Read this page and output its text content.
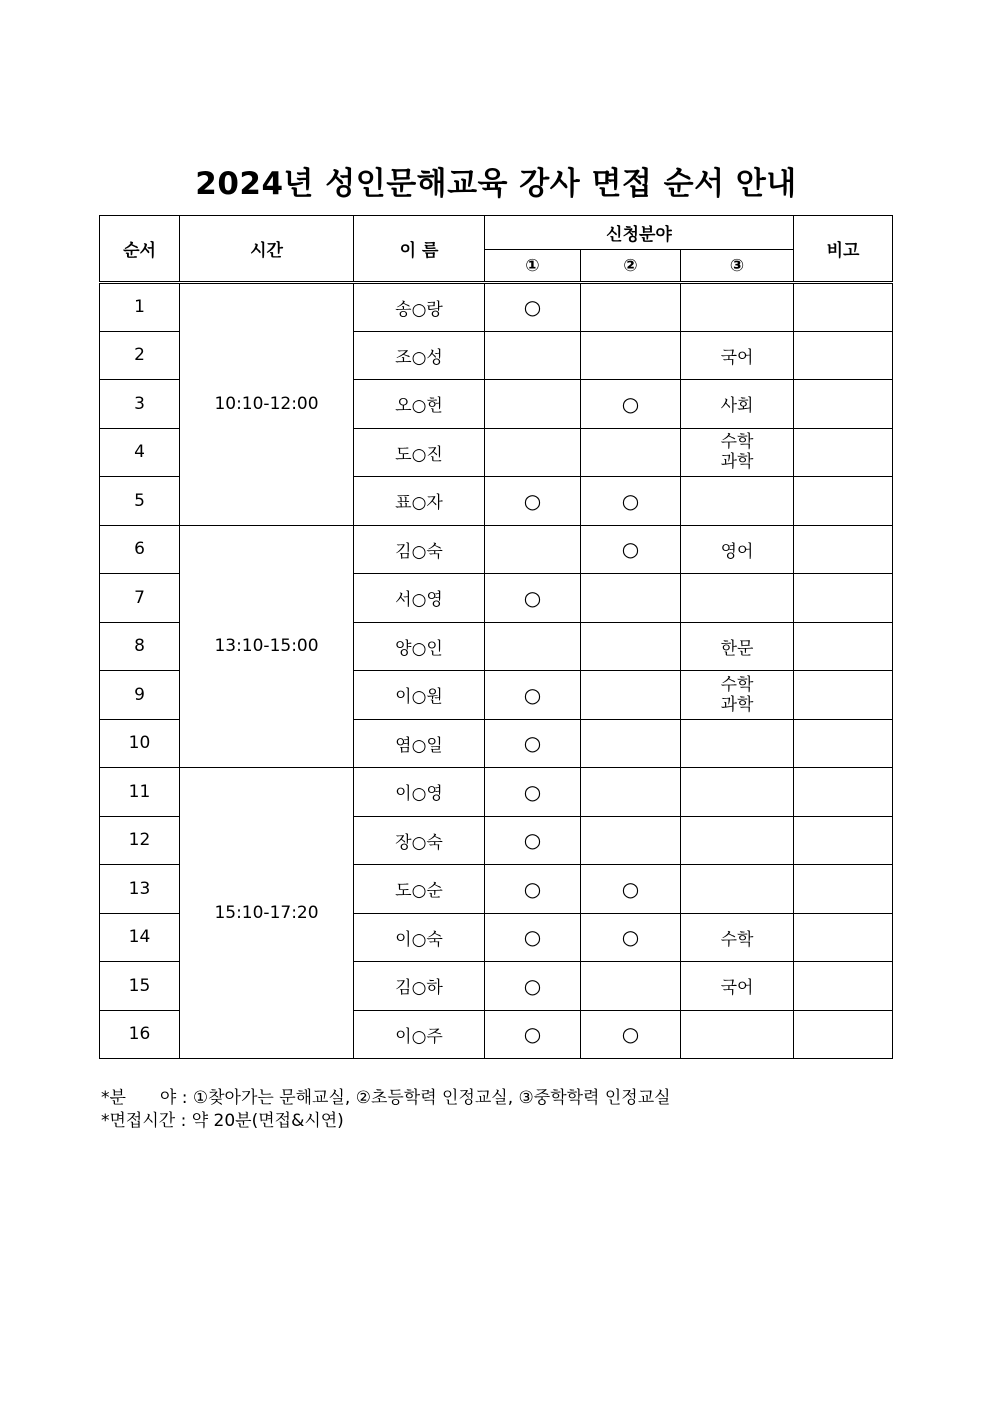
2024년 성인문해교육 강사 면접 순서 안내
순서	시간	이 름	신청분야			비고
			①	②	③	
1	10:10-12:00	송○랑	○			
2		조○성			국어	
3		오○헌		○	사회	
4		도○진			수학
과학	

5		표○자	○	○		
6	13:10-15:00	김○숙		○	영어	
7		서○영	○			
8		양○인			한문	
9		이○원	○		수학
과학	

10		염○일	○			
11	15:10-17:20	이○영	○			
12		장○숙	○			
13		도○순	○	○		
14		이○숙	○	○	수학	
15		김○하	○		국어	
16		이○주	○	○		
*분　　야 : ①찾아가는 문해교실, ②초등학력 인정교실, ③중학학력 인정교실
*면접시간 : 약 20분(면접&시연)
